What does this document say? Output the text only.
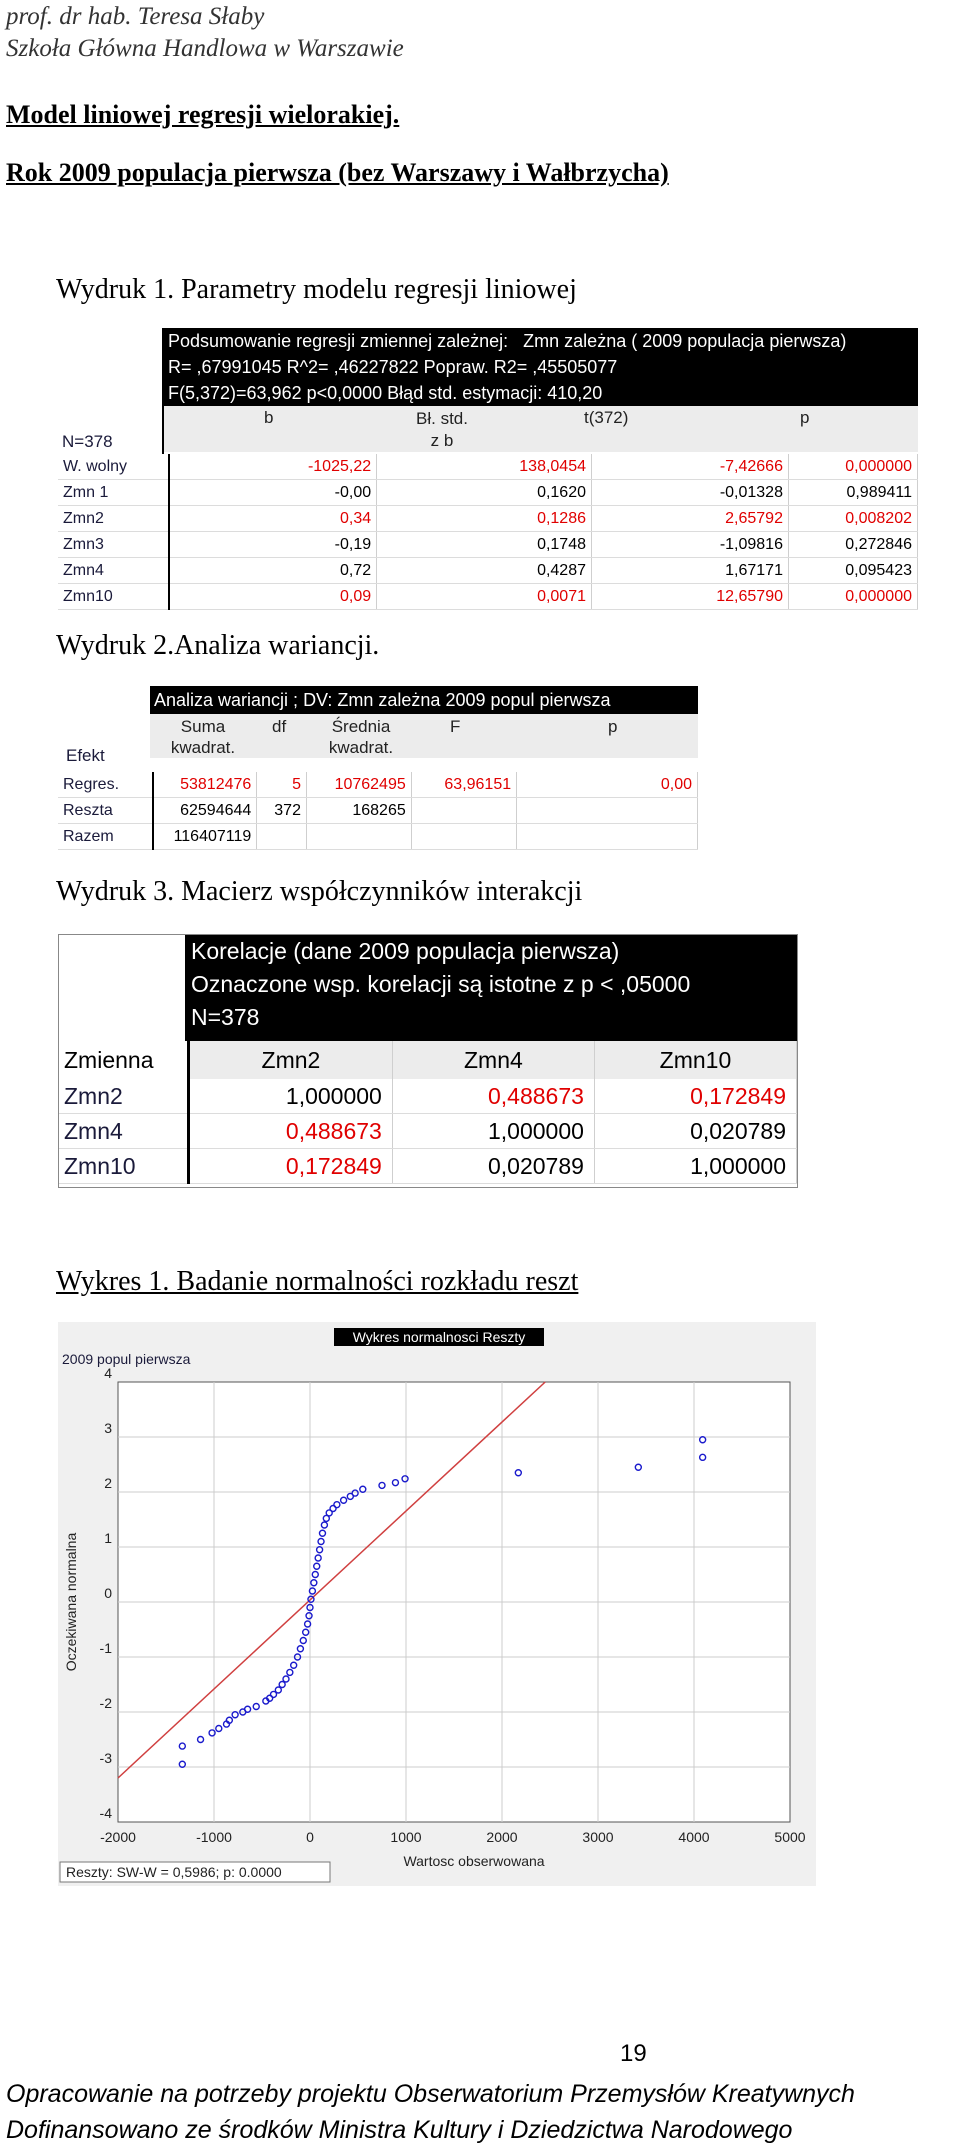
prof. dr hab. Teresa Słaby
Szkoła Główna Handlowa w Warszawie
Model liniowej regresji wielorakiej.
Rok 2009 populacja pierwsza (bez Warszawy i Wałbrzycha)
Wydruk 1. Parametry modelu regresji liniowej
Podsumowanie regresji zmiennej zależnej:   Zmn zależna ( 2009 populacja pierwsza)
R= ,67991045 R^2= ,46227822 Popraw. R2= ,45505077
F(5,372)=63,962 p<0,0000 Błąd std. estymacji: 410,20
b	Bł. std.
z b
t(372)	p
N=378
W. wolny	-1025,22	138,0454	-7,42666	0,000000
Zmn 1	-0,00	0,1620	-0,01328	0,989411
Zmn2	0,34	0,1286	2,65792	0,008202
Zmn3	-0,19	0,1748	-1,09816	0,272846
Zmn4	0,72	0,4287	1,67171	0,095423
Zmn10	0,09	0,0071	12,65790	0,000000
Wydruk 2.Analiza wariancji.
Analiza wariancji ; DV: Zmn zależna 2009 popul pierwsza
Suma
kwadrat.
df	Średnia
kwadrat.
F	p
Efekt
Regres.	53812476	5	10762495	63,96151	0,00
Reszta	62594644	372	168265		
Razem	116407119				
Wydruk 3. Macierz współczynników interakcji
Korelacje (dane 2009 populacja pierwsza)
Oznaczone wsp. korelacji są istotne z p < ,05000
N=378
Zmienna	Zmn2	Zmn4	Zmn10
Zmn2	1,000000	0,488673	0,172849
Zmn4	0,488673	1,000000	0,020789
Zmn10	0,172849	0,020789	1,000000
Wykres 1. Badanie normalności rozkładu reszt
Wykres normalnosci Reszty
2009 popul pierwsza
-2000	-1000	0	1000	2000	3000	4000	5000
4
3
2
1
0
-1
-2
-3
-4
Wartosc obserwowana
Oczekiwana normalna
Reszty: SW-W = 0,5986; p: 0.0000
19
Opracowanie na potrzeby projektu Obserwatorium Przemysłów Kreatywnych
Dofinansowano ze środków Ministra Kultury i Dziedzictwa Narodowego
